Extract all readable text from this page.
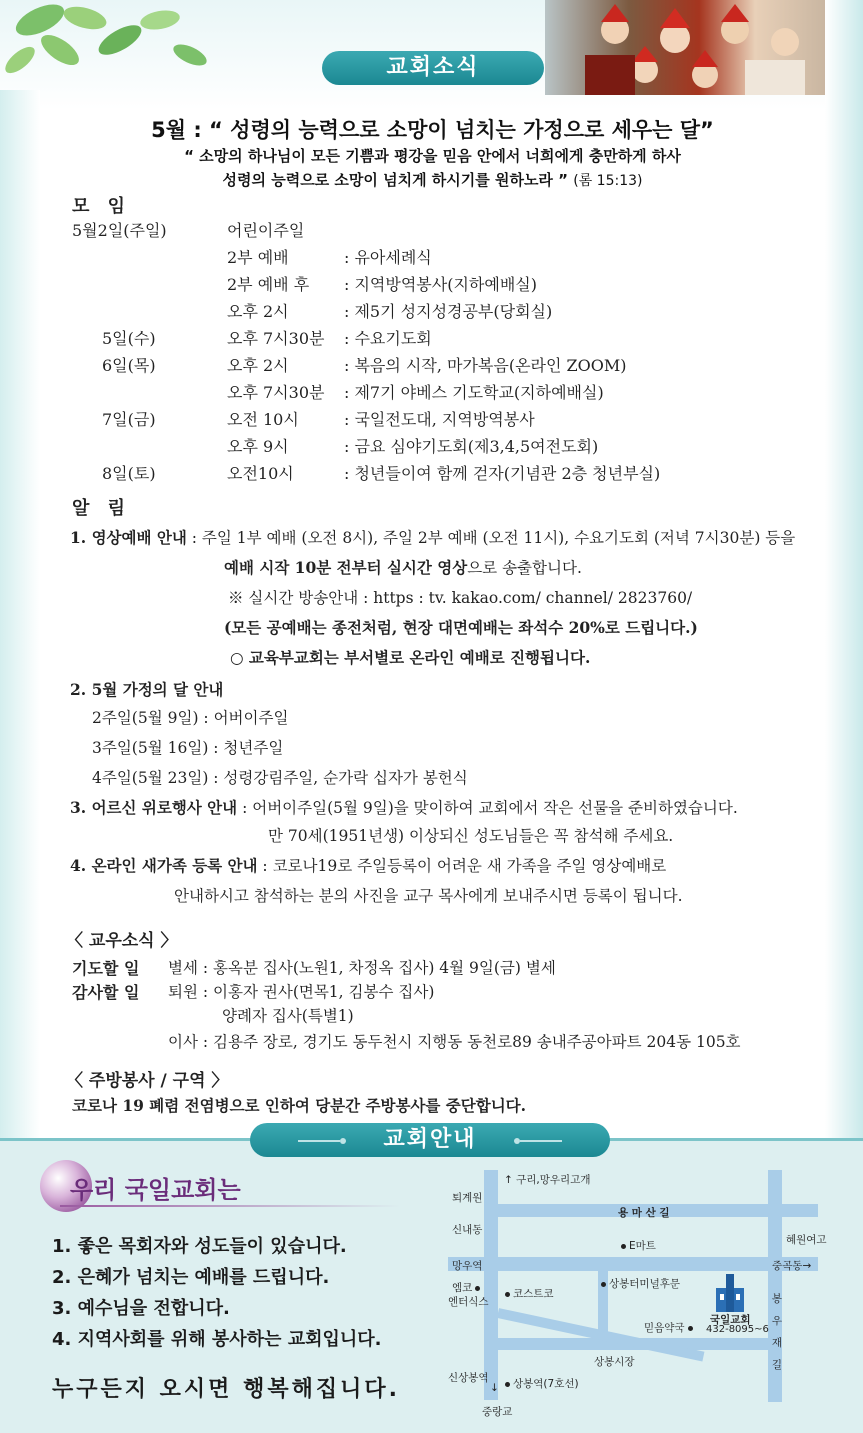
교회소식
5월 : “ 성령의 능력으로 소망이 넘치는 가정으로 세우는 달”
“ 소망의 하나님이 모든 기쁨과 평강을 믿음 안에서 너희에게 충만하게 하사
성령의 능력으로 소망이 넘치게 하시기를 원하노라 ” (롬 15:13)
모 임
5월2일(주일)	어린이주일
2부 예배	: 유아세례식
2부 예배 후 : 지역방역봉사(지하예배실)
오후 2시	: 제5기 성지성경공부(당회실)
5일(수)	오후 7시30분 : 수요기도회
6일(목)	오후 2시	: 복음의 시작, 마가복음(온라인 ZOOM)
오후 7시30분 : 제7기 야베스 기도학교(지하예배실)
7일(금)	오전 10시	: 국일전도대, 지역방역봉사
오후 9시	: 금요 심야기도회(제3,4,5여전도회)
8일(토)	오전10시	: 청년들이여 함께 걷자(기념관 2층 청년부실)
알 림
1. 영상예배 안내 : 주일 1부 예배 (오전 8시), 주일 2부 예배 (오전 11시), 수요기도회 (저녁 7시30분) 등을
예배 시작 10분 전부터 실시간 영상으로 송출합니다.
※ 실시간 방송안내 : https : tv. kakao.com/ channel/ 2823760/
(모든 공예배는 종전처럼, 현장 대면예배는 좌석수 20%로 드립니다.)
○ 교육부교회는 부서별로 온라인 예배로 진행됩니다.
2. 5월 가정의 달 안내
2주일(5월 9일) : 어버이주일
3주일(5월 16일) : 청년주일
4주일(5월 23일) : 성령강림주일, 순가락 십자가 봉헌식
3. 어르신 위로행사 안내 : 어버이주일(5월 9일)을 맞이하여 교회에서 작은 선물을 준비하였습니다.
만 70세(1951년생) 이상되신 성도님들은 꼭 참석해 주세요.
4. 온라인 새가족 등록 안내 : 코로나19로 주일등록이 어려운 새 가족을 주일 영상예배로
안내하시고 참석하는 분의 사진을 교구 목사에게 보내주시면 등록이 됩니다.
〈 교우소식 〉
기도할 일 별세 : 홍옥분 집사(노원1, 차정옥 집사) 4월 9일(금) 별세
감사할 일 퇴원 : 이홍자 권사(면목1, 김봉수 집사)
양례자 집사(특별1)
이사 : 김용주 장로, 경기도 동두천시 지행동 동천로89 송내주공아파트 204동 105호
〈 주방봉사 / 구역 〉
코로나 19 폐렴 전염병으로 인하여 당분간 주방봉사를 중단합니다.
교회안내
우리 국일교회는
1. 좋은 목회자와 성도들이 있습니다.
2. 은혜가 넘치는 예배를 드립니다.
3. 예수님을 전합니다.
4. 지역사회를 위해 봉사하는 교회입니다.
누구든지 오시면 행복해집니다.
↑ 구리,망우리고개
퇴계원
용 마 산 길
신내동
E마트	혜원여고
망우역	중곡동→
엠코
엔터식스
코스트코
상봉터미널후문
국일교회
432-8095~6
믿음약국
상봉시장
봉 우 재 길
신상봉역	상봉역(7호선)
↓
중랑교
